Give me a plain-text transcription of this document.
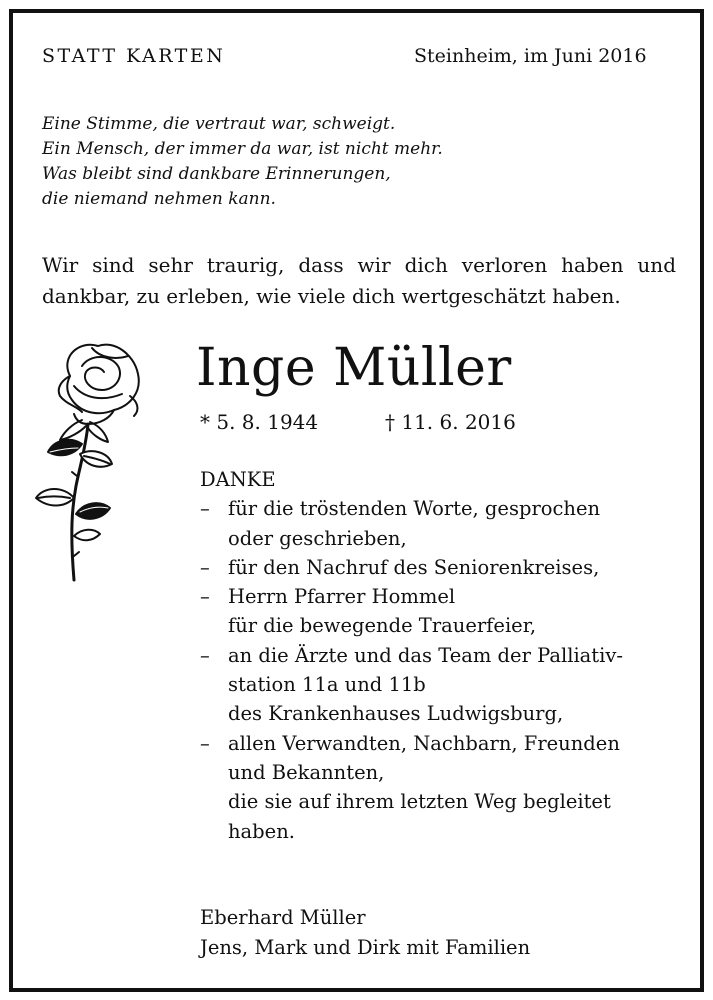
STATT KARTEN	Steinheim, im Juni 2016
Eine Stimme, die vertraut war, schweigt.
Ein Mensch, der immer da war, ist nicht mehr.
Was bleibt sind dankbare Erinnerungen,
die niemand nehmen kann.
Wir sind sehr traurig, dass wir dich verloren haben und dankbar, zu erleben, wie viele dich wertgeschätzt haben.
Inge Müller
* 5. 8. 1944	† 11. 6. 2016
DANKE
– für die tröstenden Worte, gesprochen
oder geschrieben,
– für den Nachruf des Seniorenkreises,
– Herrn Pfarrer Hommel
für die bewegende Trauerfeier,
– an die Ärzte und das Team der Palliativ-
station 11a und 11b
des Krankenhauses Ludwigsburg,
– allen Verwandten, Nachbarn, Freunden
und Bekannten,
die sie auf ihrem letzten Weg begleitet
haben.
Eberhard Müller
Jens, Mark und Dirk mit Familien
